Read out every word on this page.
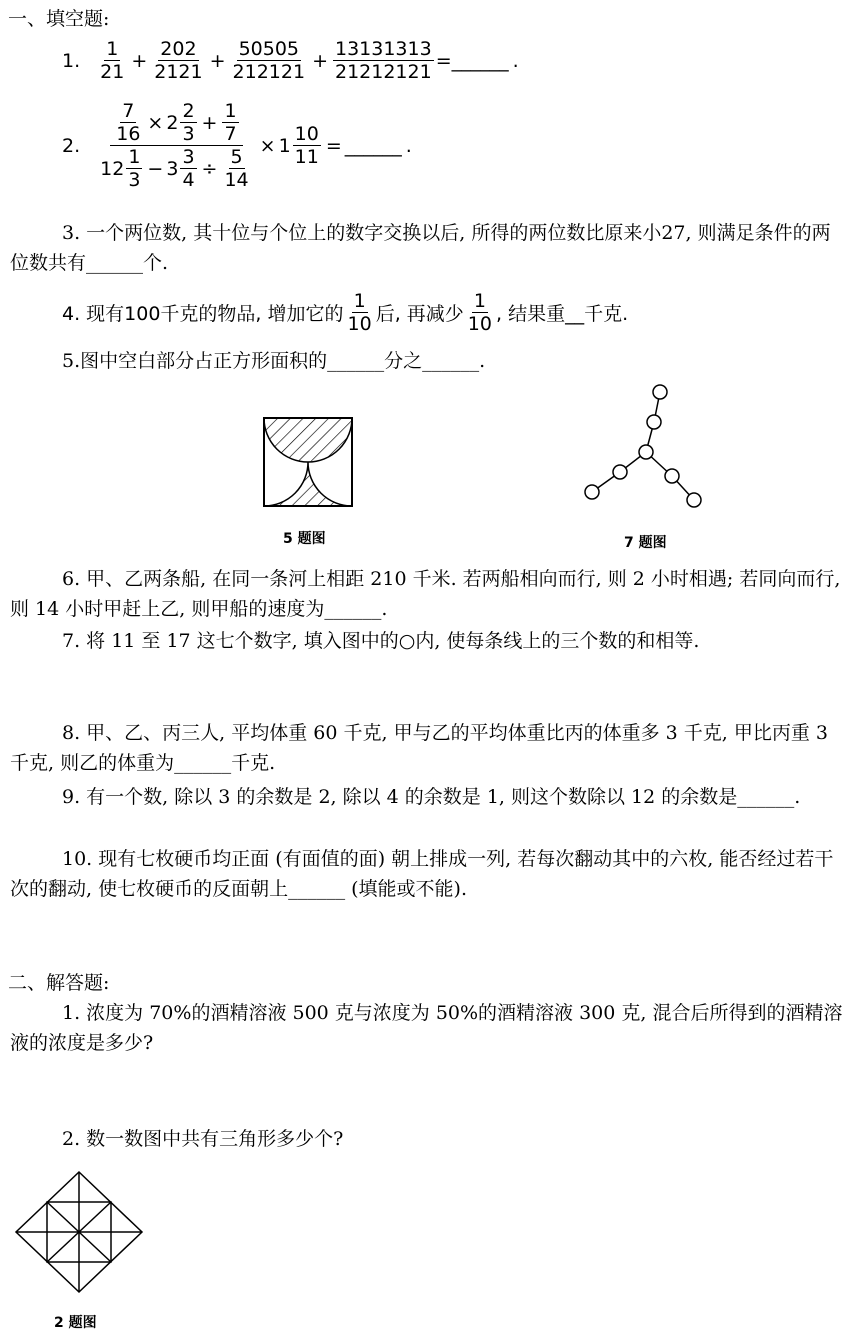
一、填空题:
1. $\frac{1}{21} + \frac{202}{2121} + \frac{50505}{212121} + \frac{13131313}{21212121}$ = ______ .
2. $\frac{\frac{7}{16} \times 2 \frac{2}{3} + \frac{1}{7}}{12 \frac{1}{3} - 3 \frac{3}{4} \div \frac{5}{14}} \times 1 \frac{10}{11}$ = ______ .
3. 一个两位数, 其十位与个位上的数字交换以后, 所得的两位数比原来小27, 则满足条件的两位数共有______个.
4. 现有100千克的物品, 增加它的 $\frac{1}{10}$ 后, 再减少 $\frac{1}{10}$ , 结果重__千克.
5.图中空白部分占正方形面积的______分之______.
5 题图	7 题图
6. 甲、乙两条船, 在同一条河上相距 210 千米. 若两船相向而行, 则 2 小时相遇; 若同向而行, 则 14 小时甲赶上乙, 则甲船的速度为______.
7. 将 11 至 17 这七个数字, 填入图中的○内, 使每条线上的三个数的和相等.
8. 甲、乙、丙三人, 平均体重 60 千克, 甲与乙的平均体重比丙的体重多 3 千克, 甲比丙重 3 千克, 则乙的体重为______千克.
9. 有一个数, 除以 3 的余数是 2, 除以 4 的余数是 1, 则这个数除以 12 的余数是______.
10. 现有七枚硬币均正面 (有面值的面) 朝上排成一列, 若每次翻动其中的六枚, 能否经过若干次的翻动, 使七枚硬币的反面朝上______ (填能或不能).
二、解答题:
1. 浓度为 70%的酒精溶液 500 克与浓度为 50%的酒精溶液 300 克, 混合后所得到的酒精溶液的浓度是多少?
2. 数一数图中共有三角形多少个?
2 题图
